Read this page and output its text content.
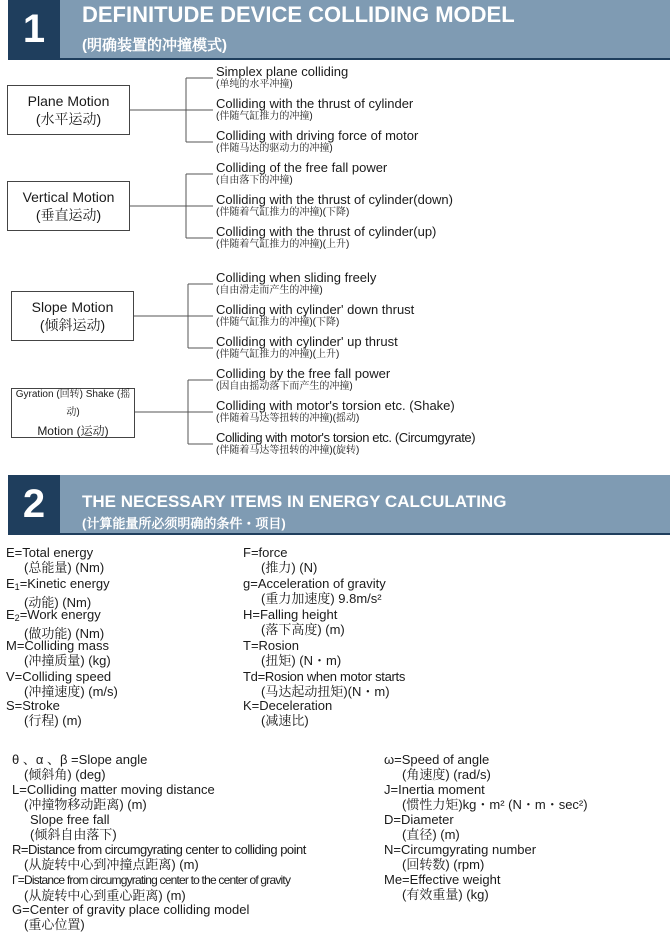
1	DEFINITUDE DEVICE COLLIDING MODEL
(明确装置的冲撞模式)
Plane Motion
(水平运动)
Vertical Motion
(垂直运动)
Slope Motion
(倾斜运动)
Gyration (回转) Shake (摇动)
Motion (运动)
Simplex plane colliding
(单纯的水平冲撞)
Colliding with the thrust of cylinder
(伴随气缸推力的冲撞)
Colliding with driving force of motor
(伴随马达的驱动力的冲撞)
Colliding of the free fall power
(自由落下的冲撞)
Colliding with the thrust of cylinder(down)
(伴随着气缸推力的冲撞)(下降)
Colliding with the thrust of cylinder(up)
(伴随着气缸推力的冲撞)(上升)
Colliding when sliding freely
(自由滑走而产生的冲撞)
Colliding with cylinder' down thrust
(伴随气缸推力的冲撞)(下降)
Colliding with cylinder' up thrust
(伴随气缸推力的冲撞)(上升)
Colliding by the free fall power
(因自由摇动落下而产生的冲撞)
Colliding with motor's torsion etc. (Shake)
(伴随着马达等扭转的冲撞)(摇动)
Colliding with motor's torsion etc. (Circumgyrate)
(伴随着马达等扭转的冲撞)(旋转)
2	THE NECESSARY ITEMS IN ENERGY CALCULATING
(计算能量所必须明确的条件・项目)
E=Total energy
(总能量) (Nm)
$E_1=Kinetic$ energy
(动能) (Nm)
$E_2=Work$ energy
(做功能) (Nm)
M=Colliding mass
(冲撞质量) (kg)
V=Colliding speed
(冲撞速度) (m/s)
S=Stroke
(行程) (m)
F=force
(推力) (N)
g=Acceleration of gravity
(重力加速度) 9.8m/s²
H=Falling height
(落下高度) (m)
T=Rosion
(扭矩) (N・m)
Td=Rosion when motor starts
(马达起动扭矩)(N・m)
K=Deceleration
(减速比)
θ 、α 、β =Slope angle
(倾斜角) (deg)
L=Colliding matter moving distance
(冲撞物移动距离) (m)
Slope free fall
(倾斜自由落下)
R=Distance from circumgyrating center to colliding point
(从旋转中心到冲撞点距离) (m)
Γ=Distance from circumgyrating center to the center of gravity
(从旋转中心到重心距离) (m)
G=Center of gravity place colliding model
(重心位置)
ω=Speed of angle
(角速度) (rad/s)
J=Inertia moment
(惯性力矩)kg・m² (N・m・sec²)
D=Diameter
(直径) (m)
N=Circumgyrating number
(回转数) (rpm)
Me=Effective weight
(有效重量) (kg)
